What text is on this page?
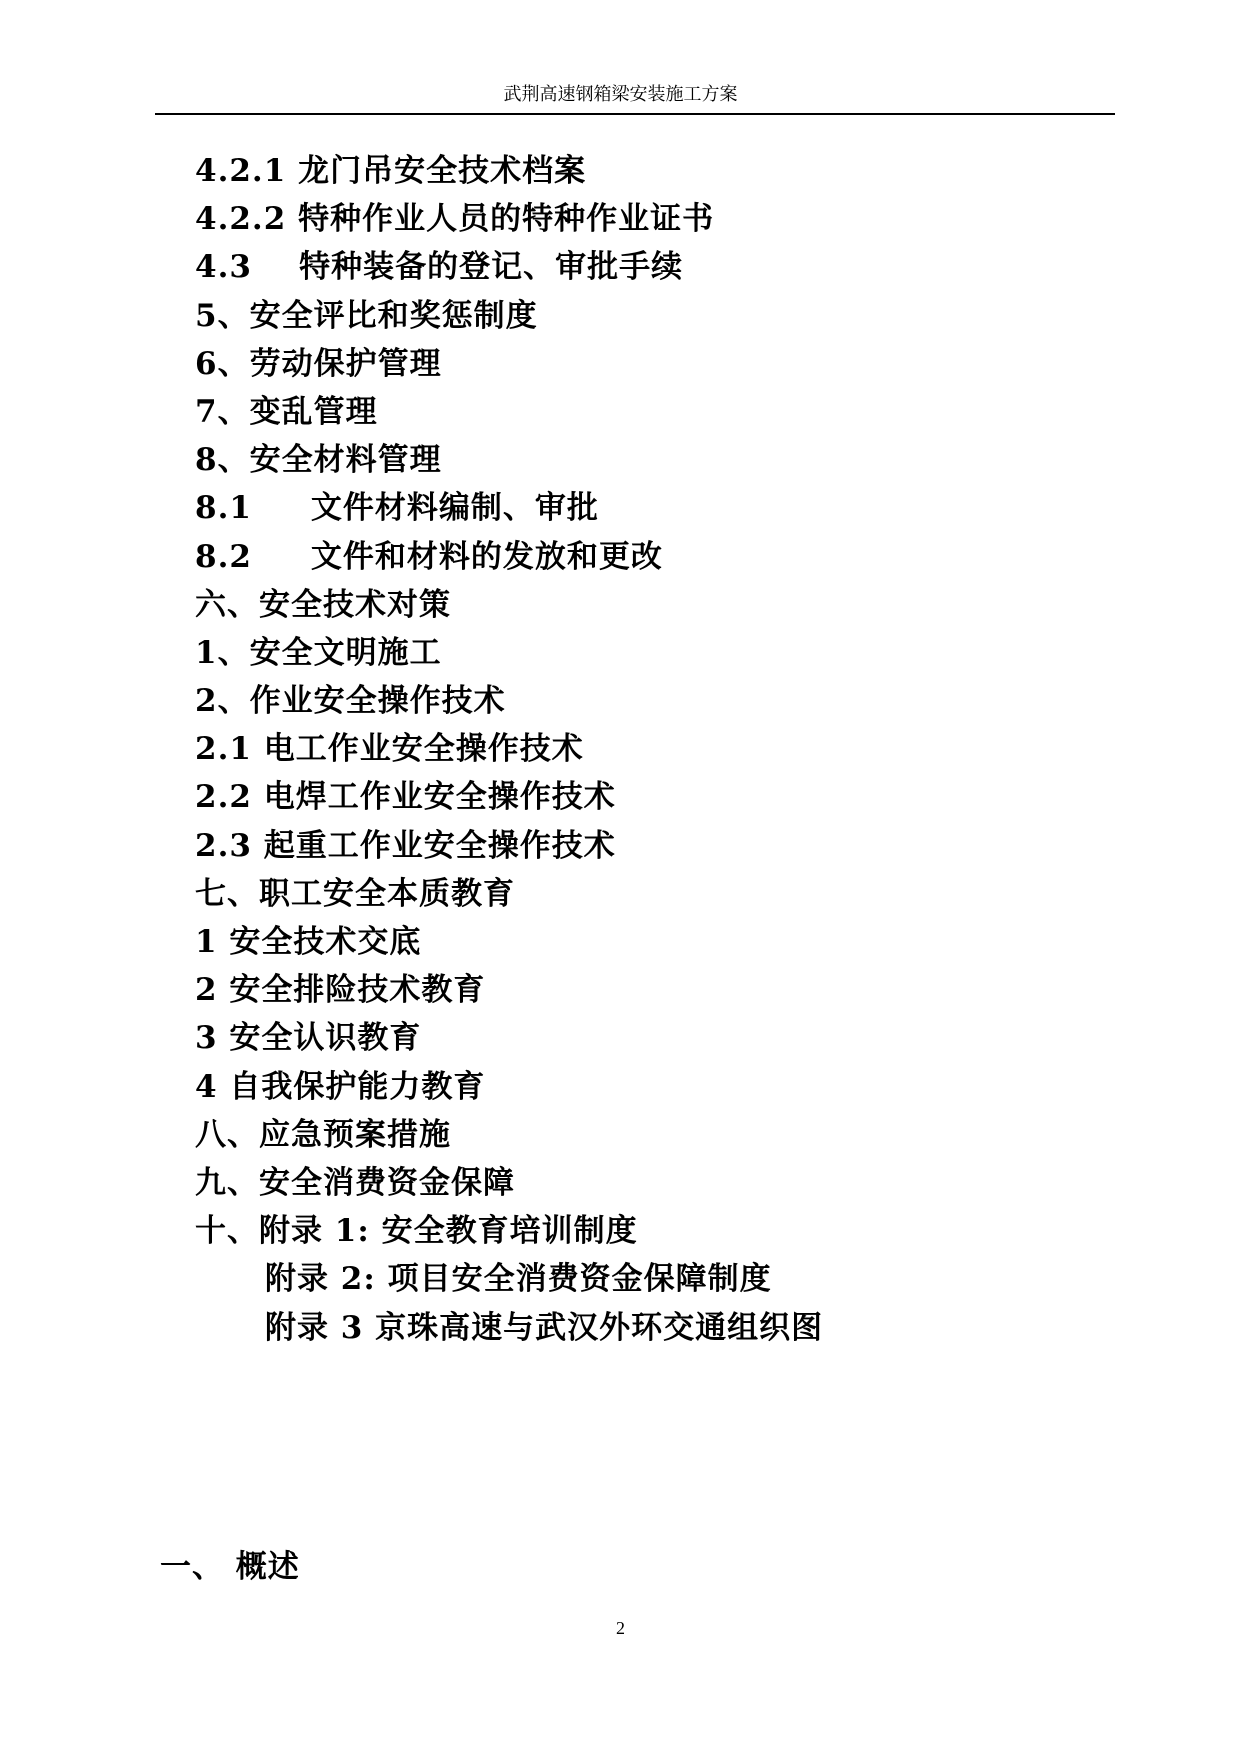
武荆高速钢箱梁安装施工方案
4.2.1 龙门吊安全技术档案
4.2.2 特种作业人员的特种作业证书
4.3    特种装备的登记、审批手续
5、安全评比和奖惩制度
6、劳动保护管理
7、变乱管理
8、安全材料管理
8.1     文件材料编制、审批
8.2     文件和材料的发放和更改
六、安全技术对策
1、安全文明施工
2、作业安全操作技术
2.1 电工作业安全操作技术
2.2 电焊工作业安全操作技术
2.3 起重工作业安全操作技术
七、职工安全本质教育
1 安全技术交底
2 安全排险技术教育
3 安全认识教育
4 自我保护能力教育
八、应急预案措施
九、安全消费资金保障
十、附录 1: 安全教育培训制度
附录 2: 项目安全消费资金保障制度
附录 3 京珠高速与武汉外环交通组织图
一、 概述
2
